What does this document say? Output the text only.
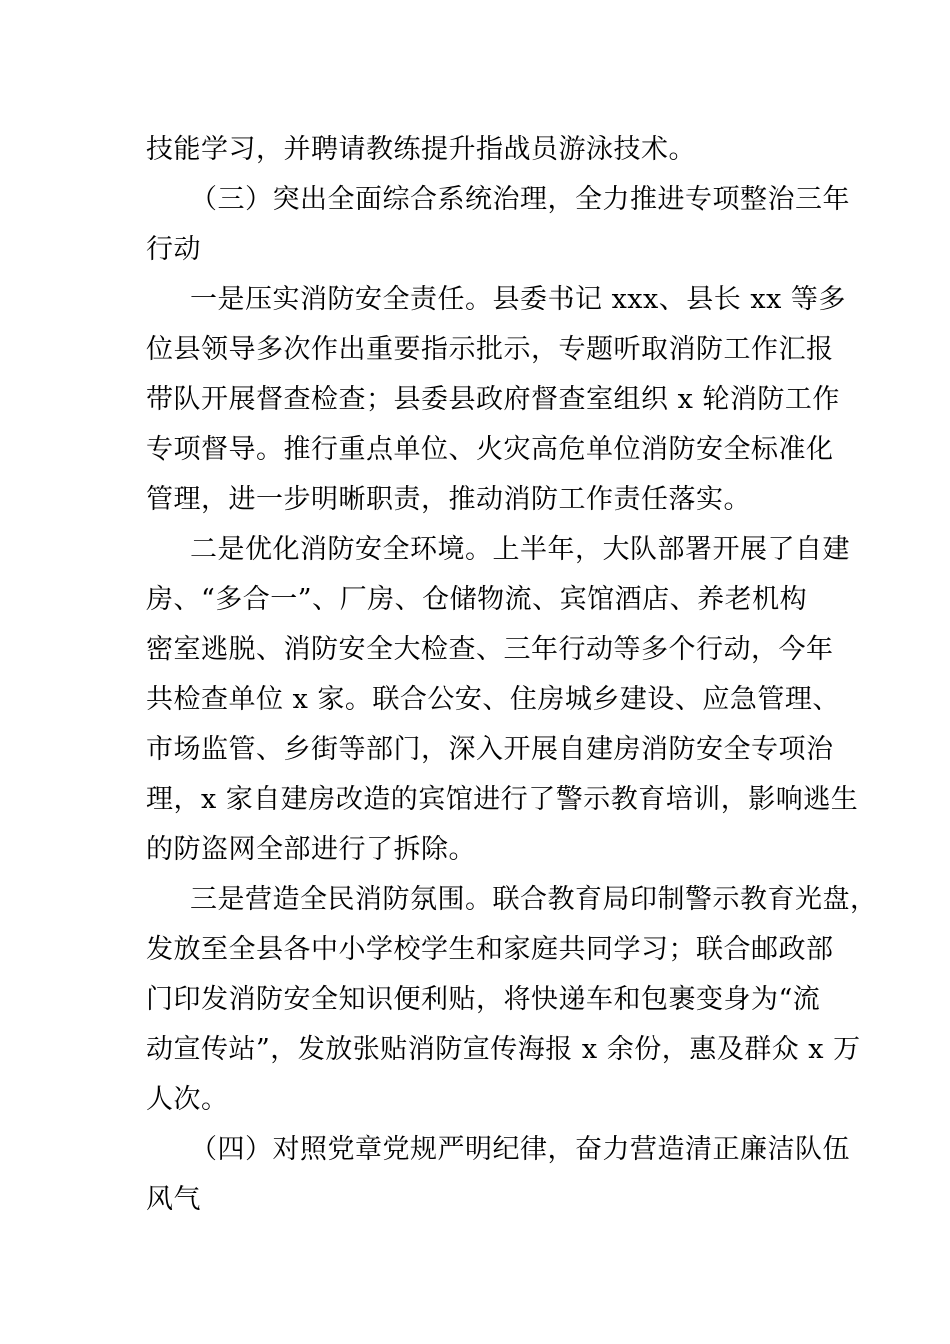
技能学习，并聘请教练提升指战员游泳技术。
（三）突出全面综合系统治理，全力推进专项整治三年
行动
一是压实消防安全责任。县委书记 xxx、县长 xx 等多
位县领导多次作出重要指示批示，专题听取消防工作汇报
带队开展督查检查；县委县政府督查室组织 x 轮消防工作
专项督导。推行重点单位、火灾高危单位消防安全标准化
管理，进一步明晰职责，推动消防工作责任落实。
二是优化消防安全环境。上半年，大队部署开展了自建
房、“多合一”、厂房、仓储物流、宾馆酒店、养老机构
密室逃脱、消防安全大检查、三年行动等多个行动，今年
共检查单位 x 家。联合公安、住房城乡建设、应急管理、
市场监管、乡街等部门，深入开展自建房消防安全专项治
理，x 家自建房改造的宾馆进行了警示教育培训，影响逃生
的防盗网全部进行了拆除。
三是营造全民消防氛围。联合教育局印制警示教育光盘，
发放至全县各中小学校学生和家庭共同学习；联合邮政部
门印发消防安全知识便利贴，将快递车和包裹变身为“流
动宣传站”，发放张贴消防宣传海报 x 余份，惠及群众 x 万
人次。
（四）对照党章党规严明纪律，奋力营造清正廉洁队伍
风气
